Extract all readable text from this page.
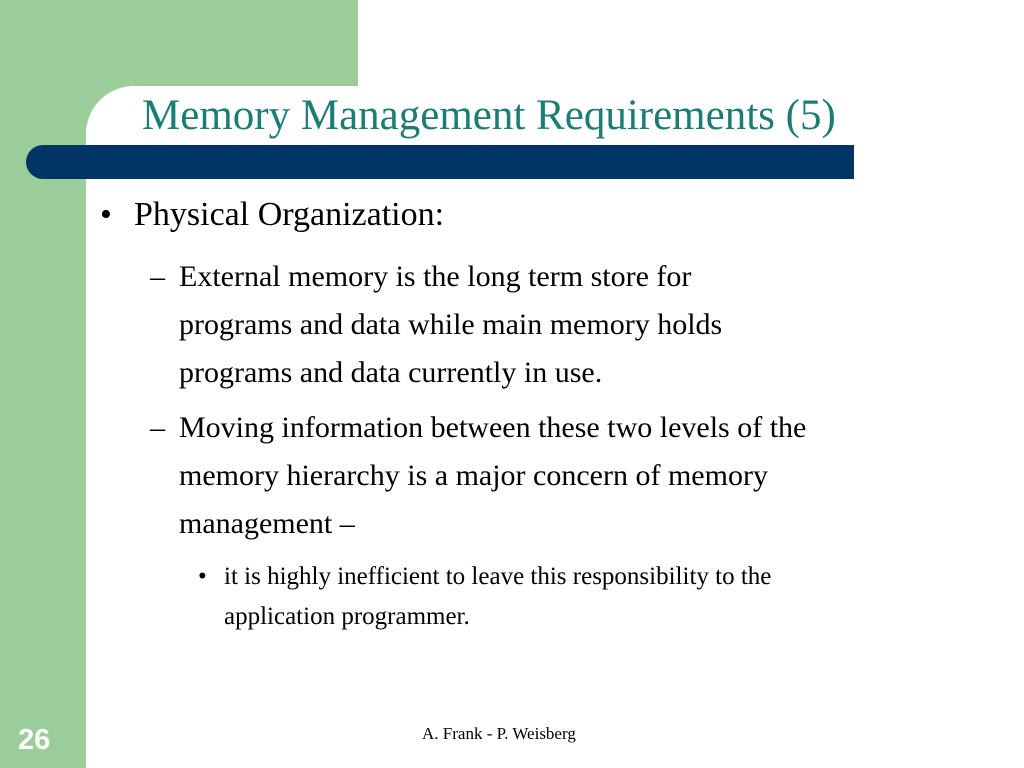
Memory Management Requirements (5)
• Physical Organization:
– External memory is the long term store for
programs and data while main memory holds
programs and data currently in use.
– Moving information between these two levels of the
memory hierarchy is a major concern of memory
management –
• it is highly inefficient to leave this responsibility to the
application programmer.
A. Frank - P. Weisberg
26
